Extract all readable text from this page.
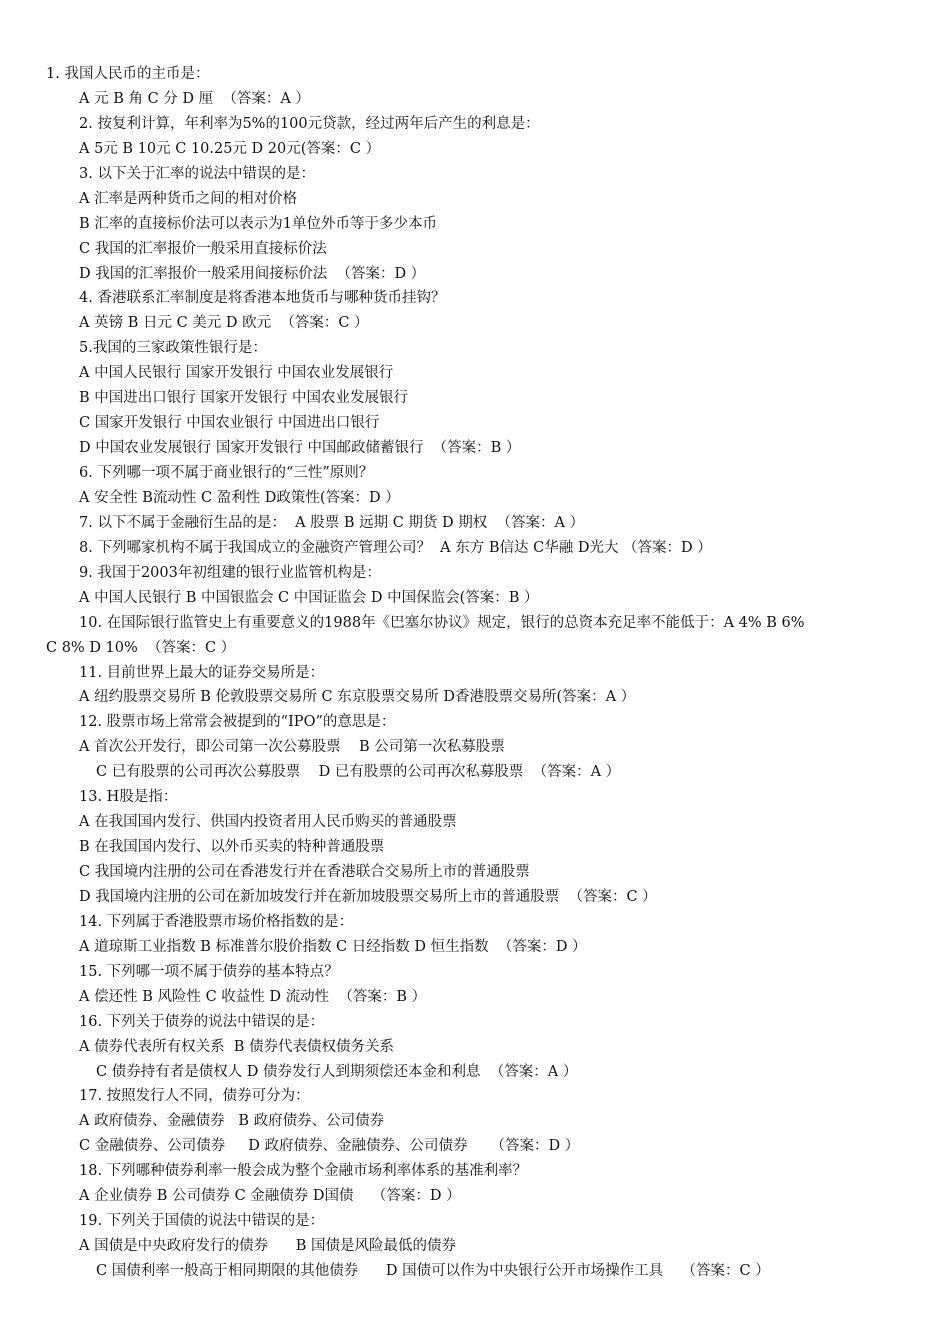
1. 我国人民币的主币是：
A 元 B 角 C 分 D 厘  （答案：A ）
2. 按复利计算，年利率为5%的100元贷款，经过两年后产生的利息是：
A 5元 B 10元 C 10.25元 D 20元(答案：C ）
3. 以下关于汇率的说法中错误的是：
A 汇率是两种货币之间的相对价格
B 汇率的直接标价法可以表示为1单位外币等于多少本币
C 我国的汇率报价一般采用直接标价法
D 我国的汇率报价一般采用间接标价法  （答案：D ）
4. 香港联系汇率制度是将香港本地货币与哪种货币挂钩？
A 英镑 B 日元 C 美元 D 欧元  （答案：C ）
5.我国的三家政策性银行是：
A 中国人民银行 国家开发银行 中国农业发展银行
B 中国进出口银行 国家开发银行 中国农业发展银行
C 国家开发银行 中国农业银行 中国进出口银行
D 中国农业发展银行 国家开发银行 中国邮政储蓄银行  （答案：B ）
6. 下列哪一项不属于商业银行的“三性”原则？
A 安全性 B流动性 C 盈利性 D政策性(答案：D ）
7. 以下不属于金融衍生品的是：  A 股票 B 远期 C 期货 D 期权  （答案：A ）
8. 下列哪家机构不属于我国成立的金融资产管理公司？  A 东方 B信达 C华融 D光大 （答案：D ）
9. 我国于2003年初组建的银行业监管机构是：
A 中国人民银行 B 中国银监会 C 中国证监会 D 中国保监会(答案：B ）
10. 在国际银行监管史上有重要意义的1988年《巴塞尔协议》规定，银行的总资本充足率不能低于：A 4% B 6%
C 8% D 10%  （答案：C ）
11. 目前世界上最大的证券交易所是：
A 纽约股票交易所 B 伦敦股票交易所 C 东京股票交易所 D香港股票交易所(答案：A ）
12. 股票市场上常常会被提到的“IPO”的意思是：
A 首次公开发行，即公司第一次公募股票    B 公司第一次私募股票
C 已有股票的公司再次公募股票    D 已有股票的公司再次私募股票  （答案：A ）
13. H股是指：
A 在我国国内发行、供国内投资者用人民币购买的普通股票
B 在我国国内发行、以外币买卖的特种普通股票
C 我国境内注册的公司在香港发行并在香港联合交易所上市的普通股票
D 我国境内注册的公司在新加坡发行并在新加坡股票交易所上市的普通股票  （答案：C ）
14. 下列属于香港股票市场价格指数的是：
A 道琼斯工业指数 B 标准普尔股价指数 C 日经指数 D 恒生指数  （答案：D ）
15. 下列哪一项不属于债券的基本特点？
A 偿还性 B 风险性 C 收益性 D 流动性  （答案：B ）
16. 下列关于债券的说法中错误的是：
A 债券代表所有权关系  B 债券代表债权债务关系
C 债券持有者是债权人 D 债券发行人到期须偿还本金和利息  （答案：A ）
17. 按照发行人不同，债券可分为：
A 政府债券、金融债券   B 政府债券、公司债券
C 金融债券、公司债券     D 政府债券、金融债券、公司债券     （答案：D ）
18. 下列哪种债券利率一般会成为整个金融市场利率体系的基准利率？
A 企业债券 B 公司债券 C 金融债券 D国债    （答案：D ）
19. 下列关于国债的说法中错误的是：
A 国债是中央政府发行的债券      B 国债是风险最低的债券
C 国债利率一般高于相同期限的其他债券      D 国债可以作为中央银行公开市场操作工具    （答案：C ）
